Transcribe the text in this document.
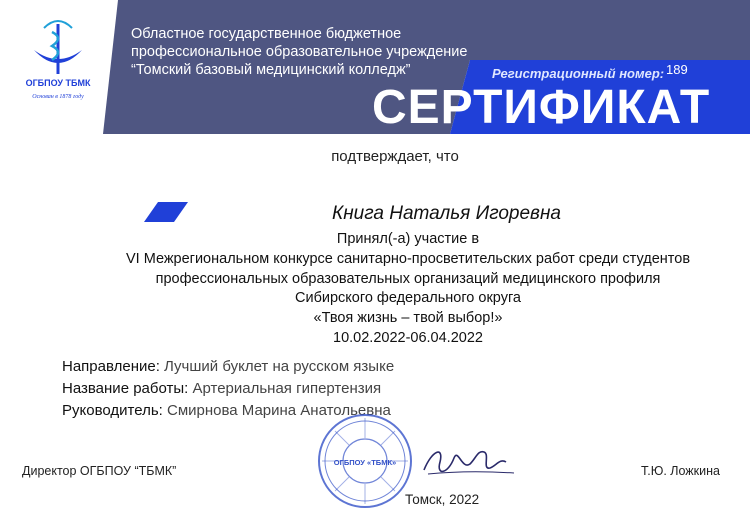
ОГБПОУ ТБМК
Основан в 1878 году
Областное государственное бюджетное
профессиональное образовательное учреждение
“Томский базовый медицинский колледж”	Регистрационный номер: 189
СЕРТИФИКАТ
подтверждает, что
Книга Наталья Игоревна
Принял(-а) участие в
VI Межрегиональном конкурсе санитарно-просветительских работ среди студентов
профессиональных образовательных организаций медицинского профиля
Сибирского федерального округа
«Твоя жизнь – твой выбор!»
10.02.2022-06.04.2022
Направление: Лучший буклет на русском языке
Название работы: Артериальная гипертензия
Руководитель: Смирнова Марина Анатольевна
ОГБПОУ «ТБМК»
Директор ОГБПОУ “ТБМК”	Т.Ю. Ложкина
Томск, 2022
